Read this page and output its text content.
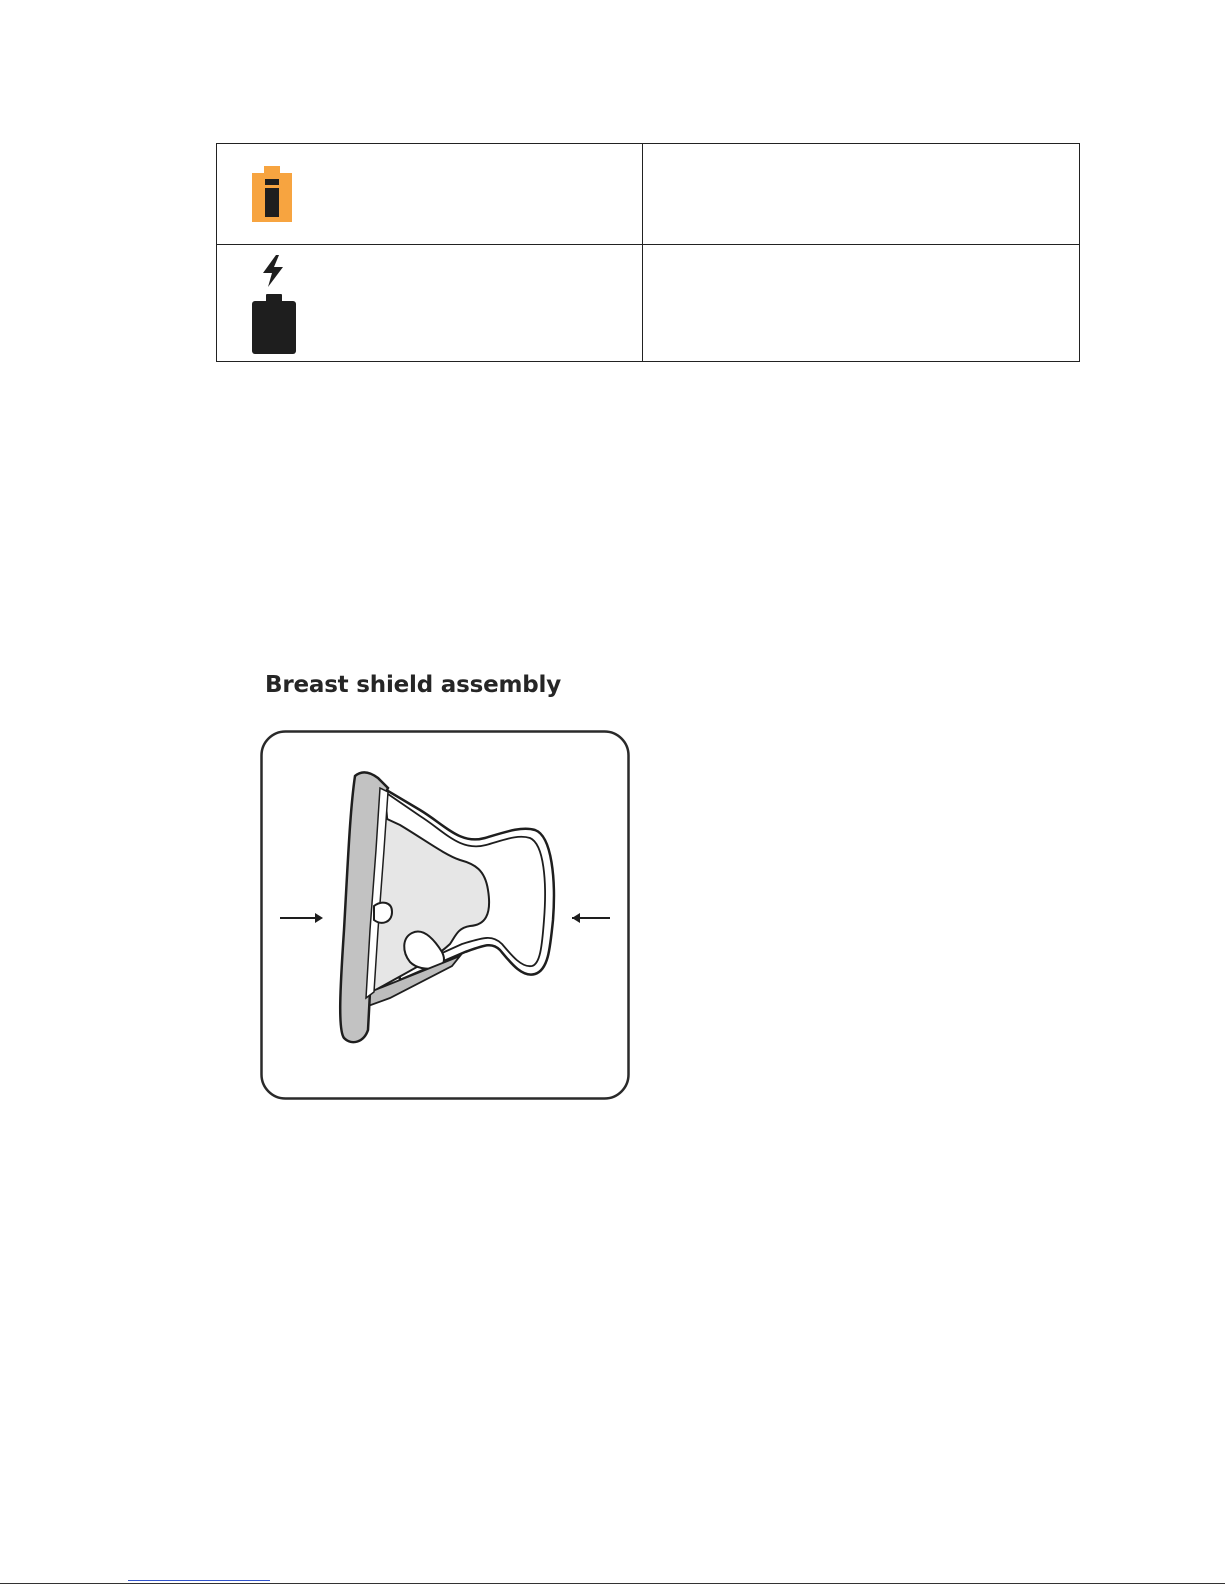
Breast shield assembly
